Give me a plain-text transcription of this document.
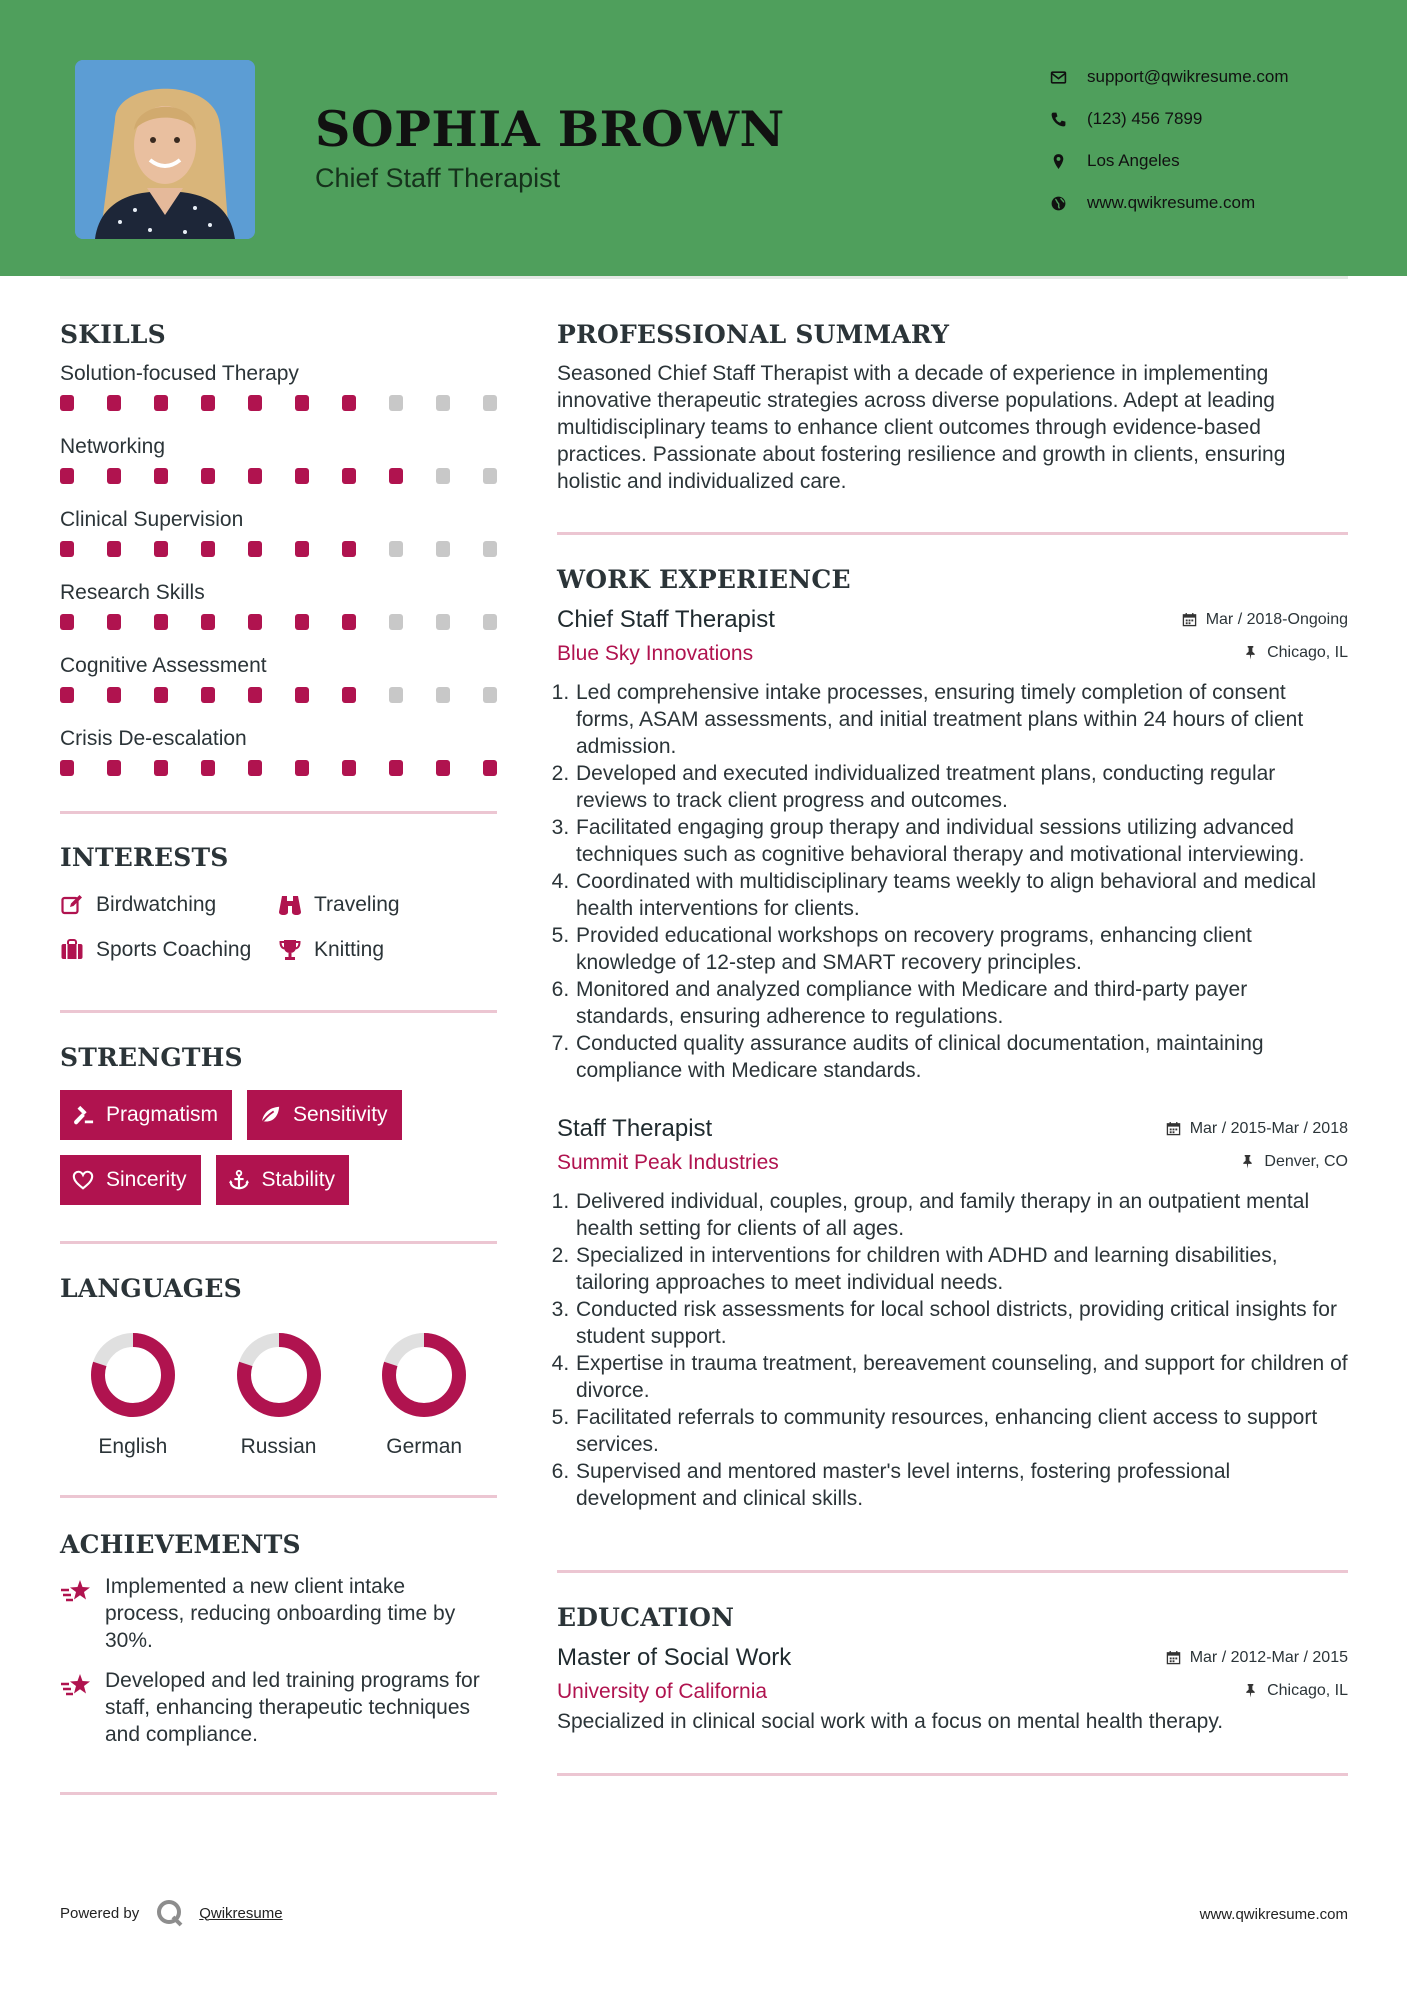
SOPHIA BROWN
Chief Staff Therapist
support@qwikresume.com
(123) 456 7899
Los Angeles
www.qwikresume.com
SKILLS
Solution-focused Therapy
Networking
Clinical Supervision
Research Skills
Cognitive Assessment
Crisis De-escalation
INTERESTS
Birdwatching	Traveling
Sports Coaching	Knitting
STRENGTHS
Pragmatism	Sensitivity
Sincerity	Stability
LANGUAGES
English	Russian	German
ACHIEVEMENTS
Implemented a new client intake process, reducing onboarding time by 30%.
Developed and led training programs for staff, enhancing therapeutic techniques and compliance.
PROFESSIONAL SUMMARY
Seasoned Chief Staff Therapist with a decade of experience in implementing innovative therapeutic strategies across diverse populations. Adept at leading multidisciplinary teams to enhance client outcomes through evidence-based practices. Passionate about fostering resilience and growth in clients, ensuring holistic and individualized care.
WORK EXPERIENCE
Chief Staff Therapist	Mar / 2018-Ongoing
Blue Sky Innovations	Chicago, IL
1. Led comprehensive intake processes, ensuring timely completion of consent forms, ASAM assessments, and initial treatment plans within 24 hours of client admission.
2. Developed and executed individualized treatment plans, conducting regular reviews to track client progress and outcomes.
3. Facilitated engaging group therapy and individual sessions utilizing advanced techniques such as cognitive behavioral therapy and motivational interviewing.
4. Coordinated with multidisciplinary teams weekly to align behavioral and medical health interventions for clients.
5. Provided educational workshops on recovery programs, enhancing client knowledge of 12-step and SMART recovery principles.
6. Monitored and analyzed compliance with Medicare and third-party payer standards, ensuring adherence to regulations.
7. Conducted quality assurance audits of clinical documentation, maintaining compliance with Medicare standards.
Staff Therapist	Mar / 2015-Mar / 2018
Summit Peak Industries	Denver, CO
1. Delivered individual, couples, group, and family therapy in an outpatient mental health setting for clients of all ages.
2. Specialized in interventions for children with ADHD and learning disabilities, tailoring approaches to meet individual needs.
3. Conducted risk assessments for local school districts, providing critical insights for student support.
4. Expertise in trauma treatment, bereavement counseling, and support for children of divorce.
5. Facilitated referrals to community resources, enhancing client access to support services.
6. Supervised and mentored master's level interns, fostering professional development and clinical skills.
EDUCATION
Master of Social Work	Mar / 2012-Mar / 2015
University of California	Chicago, IL
Specialized in clinical social work with a focus on mental health therapy.
Powered by	Qwikresume	www.qwikresume.com
